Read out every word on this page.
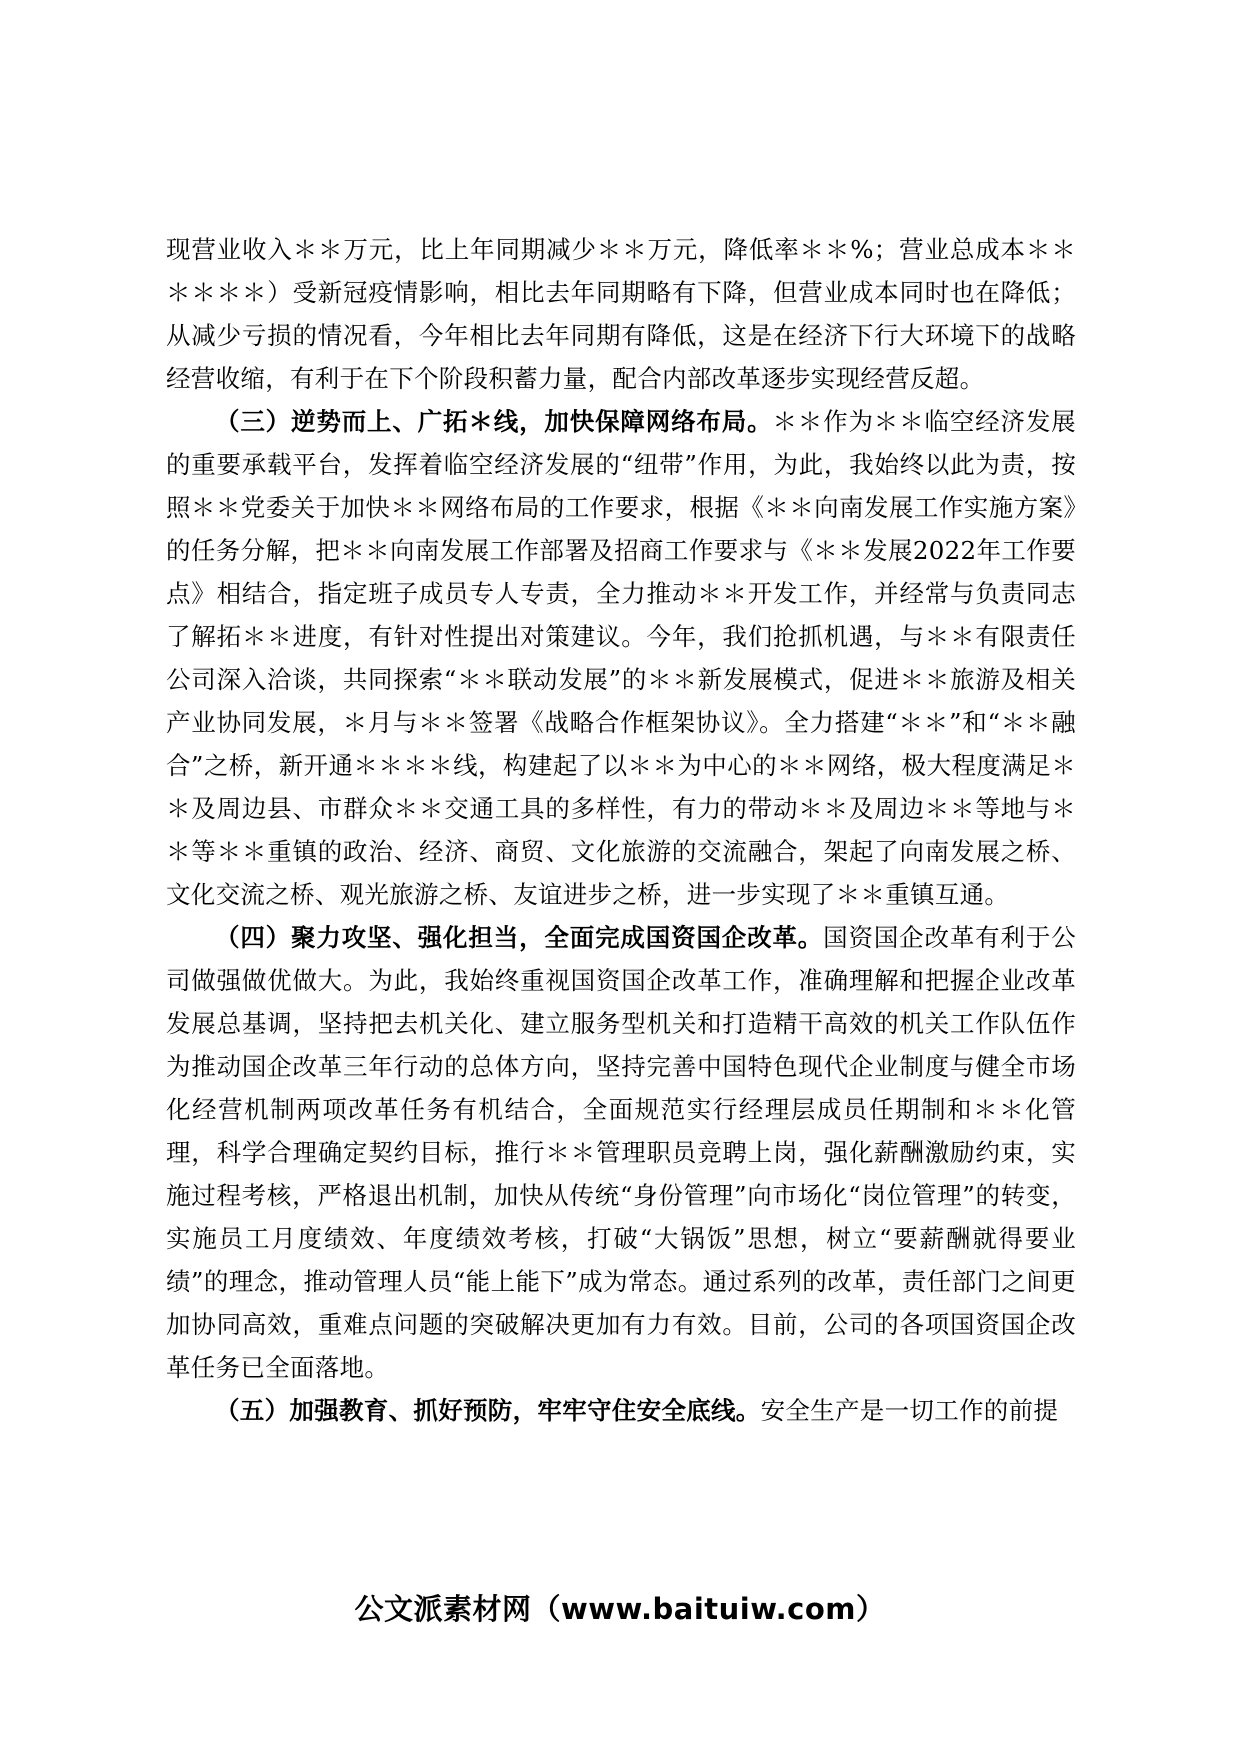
现营业收入＊＊万元，比上年同期减少＊＊万元，降低率＊＊%；营业总成本＊＊＊＊＊＊）受新冠疫情影响，相比去年同期略有下降，但营业成本同时也在降低；从减少亏损的情况看，今年相比去年同期有降低，这是在经济下行大环境下的战略经营收缩，有利于在下个阶段积蓄力量，配合内部改革逐步实现经营反超。

（三）逆势而上、广拓＊线，加快保障网络布局。＊＊作为＊＊临空经济发展的重要承载平台，发挥着临空经济发展的“纽带”作用，为此，我始终以此为责，按照＊＊党委关于加快＊＊网络布局的工作要求，根据《＊＊向南发展工作实施方案》的任务分解，把＊＊向南发展工作部署及招商工作要求与《＊＊发展2022年工作要点》相结合，指定班子成员专人专责，全力推动＊＊开发工作，并经常与负责同志了解拓＊＊进度，有针对性提出对策建议。今年，我们抢抓机遇，与＊＊有限责任公司深入洽谈，共同探索“＊＊联动发展”的＊＊新发展模式，促进＊＊旅游及相关产业协同发展，＊月与＊＊签署《战略合作框架协议》。全力搭建“＊＊”和“＊＊融合”之桥，新开通＊＊＊＊线，构建起了以＊＊为中心的＊＊网络，极大程度满足＊＊及周边县、市群众＊＊交通工具的多样性，有力的带动＊＊及周边＊＊等地与＊＊等＊＊重镇的政治、经济、商贸、文化旅游的交流融合，架起了向南发展之桥、文化交流之桥、观光旅游之桥、友谊进步之桥，进一步实现了＊＊重镇互通。

（四）聚力攻坚、强化担当，全面完成国资国企改革。国资国企改革有利于公司做强做优做大。为此，我始终重视国资国企改革工作，准确理解和把握企业改革发展总基调，坚持把去机关化、建立服务型机关和打造精干高效的机关工作队伍作为推动国企改革三年行动的总体方向，坚持完善中国特色现代企业制度与健全市场化经营机制两项改革任务有机结合，全面规范实行经理层成员任期制和＊＊化管理，科学合理确定契约目标，推行＊＊管理职员竞聘上岗，强化薪酬激励约束，实施过程考核，严格退出机制，加快从传统“身份管理”向市场化“岗位管理”的转变，实施员工月度绩效、年度绩效考核，打破“大锅饭”思想，树立“要薪酬就得要业绩”的理念，推动管理人员“能上能下”成为常态。通过系列的改革，责任部门之间更加协同高效，重难点问题的突破解决更加有力有效。目前，公司的各项国资国企改革任务已全面落地。

（五）加强教育、抓好预防，牢牢守住安全底线。安全生产是一切工作的前提

公文派素材网（www.baituiw.com）
